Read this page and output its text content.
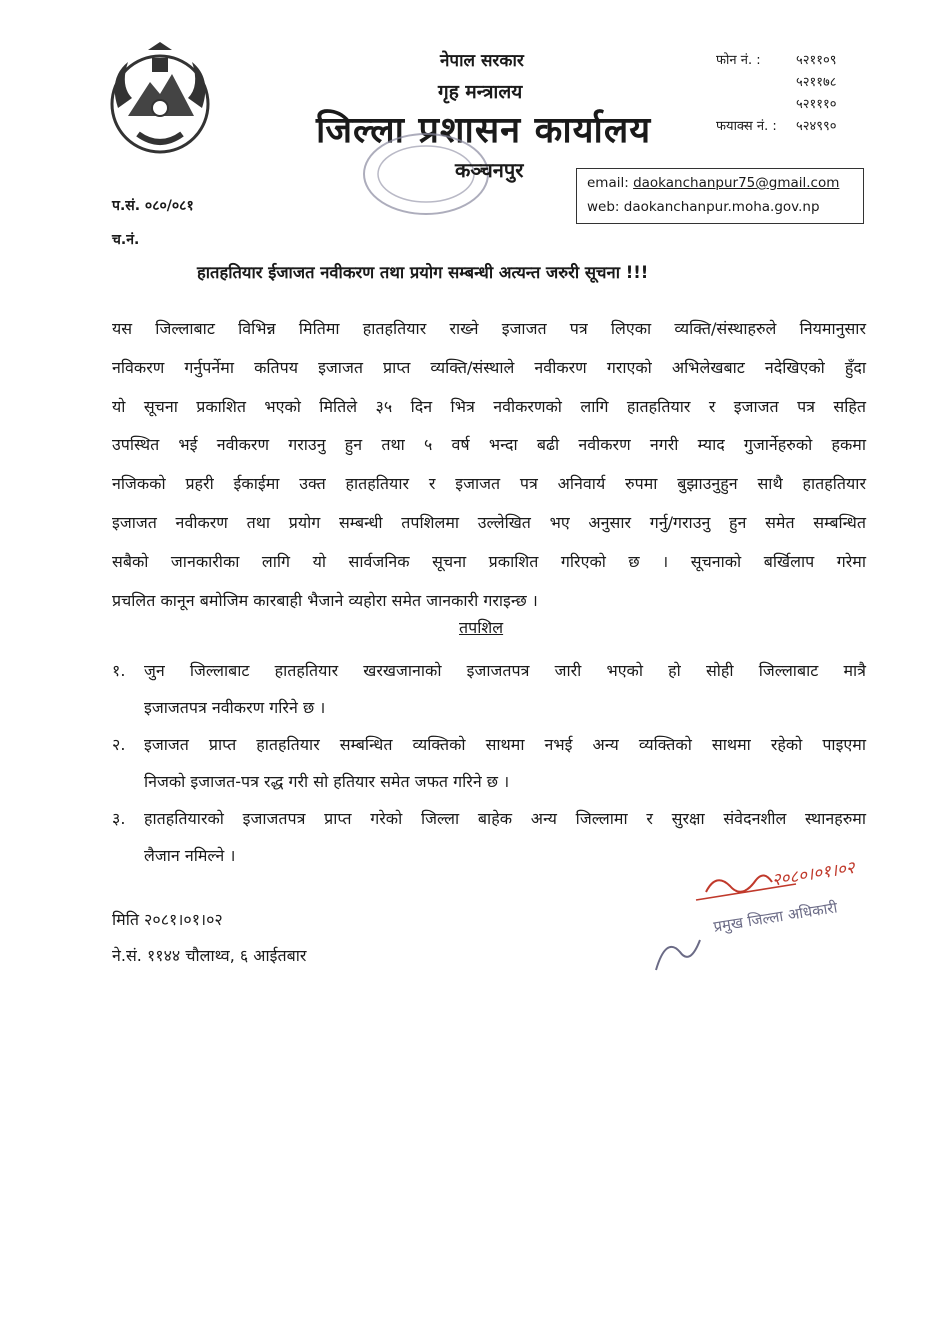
नेपाल सरकार
गृह मन्त्रालय
जिल्ला प्रशासन कार्यालय
कञ्चनपुर
फोन नं. :	५२११०९
५२११७८
५२१११०
फयाक्स नं. : ५२४९९०
email: daokanchanpur75@gmail.com
web: daokanchanpur.moha.gov.np
प.सं. ०८०/०८१
च.नं.
हातहतियार ईजाजत नवीकरण तथा प्रयोग सम्बन्धी अत्यन्त जरुरी सूचना !!!
यस जिल्लाबाट विभिन्न मितिमा हातहतियार राख्ने इजाजत पत्र लिएका व्यक्ति/संस्थाहरुले नियमानुसार
नविकरण गर्नुपर्नेमा कतिपय इजाजत प्राप्त व्यक्ति/संस्थाले नवीकरण गराएको अभिलेखबाट नदेखिएको हुँदा
यो सूचना प्रकाशित भएको मितिले ३५ दिन भित्र नवीकरणको लागि हातहतियार र इजाजत पत्र सहित
उपस्थित भई नवीकरण गराउनु हुन तथा ५ वर्ष भन्दा बढी नवीकरण नगरी म्याद गुजार्नेहरुको हकमा
नजिकको प्रहरी ईकाईमा उक्त हातहतियार र इजाजत पत्र अनिवार्य रुपमा बुझाउनुहुन साथै हातहतियार
इजाजत नवीकरण तथा प्रयोग सम्बन्धी तपशिलमा उल्लेखित भए अनुसार गर्नु/गराउनु हुन समेत सम्बन्धित
सबैको जानकारीका लागि यो सार्वजनिक सूचना प्रकाशित गरिएको छ । सूचनाको बर्खिलाप गरेमा
प्रचलित कानून बमोजिम कारबाही भैजाने व्यहोरा समेत जानकारी गराइन्छ ।
तपशिल
१. जुन जिल्लाबाट हातहतियार खरखजानाको इजाजतपत्र जारी भएको हो सोही जिल्लाबाट मात्रै
इजाजतपत्र नवीकरण गरिने छ ।
२. इजाजत प्राप्त हातहतियार सम्बन्धित व्यक्तिको साथमा नभई अन्य व्यक्तिको साथमा रहेको पाइएमा
निजको इजाजत-पत्र रद्ध गरी सो हतियार समेत जफत गरिने छ ।
३. हातहतियारको इजाजतपत्र प्राप्त गरेको जिल्ला बाहेक अन्य जिल्लामा र सुरक्षा संवेदनशील स्थानहरुमा
लैजान नमिल्ने ।
मिति २०८१।०१।०२
ने.सं. ११४४ चौलाथ्व, ६ आईतबार
२०८०।०१।०२
प्रमुख जिल्ला अधिकारी
